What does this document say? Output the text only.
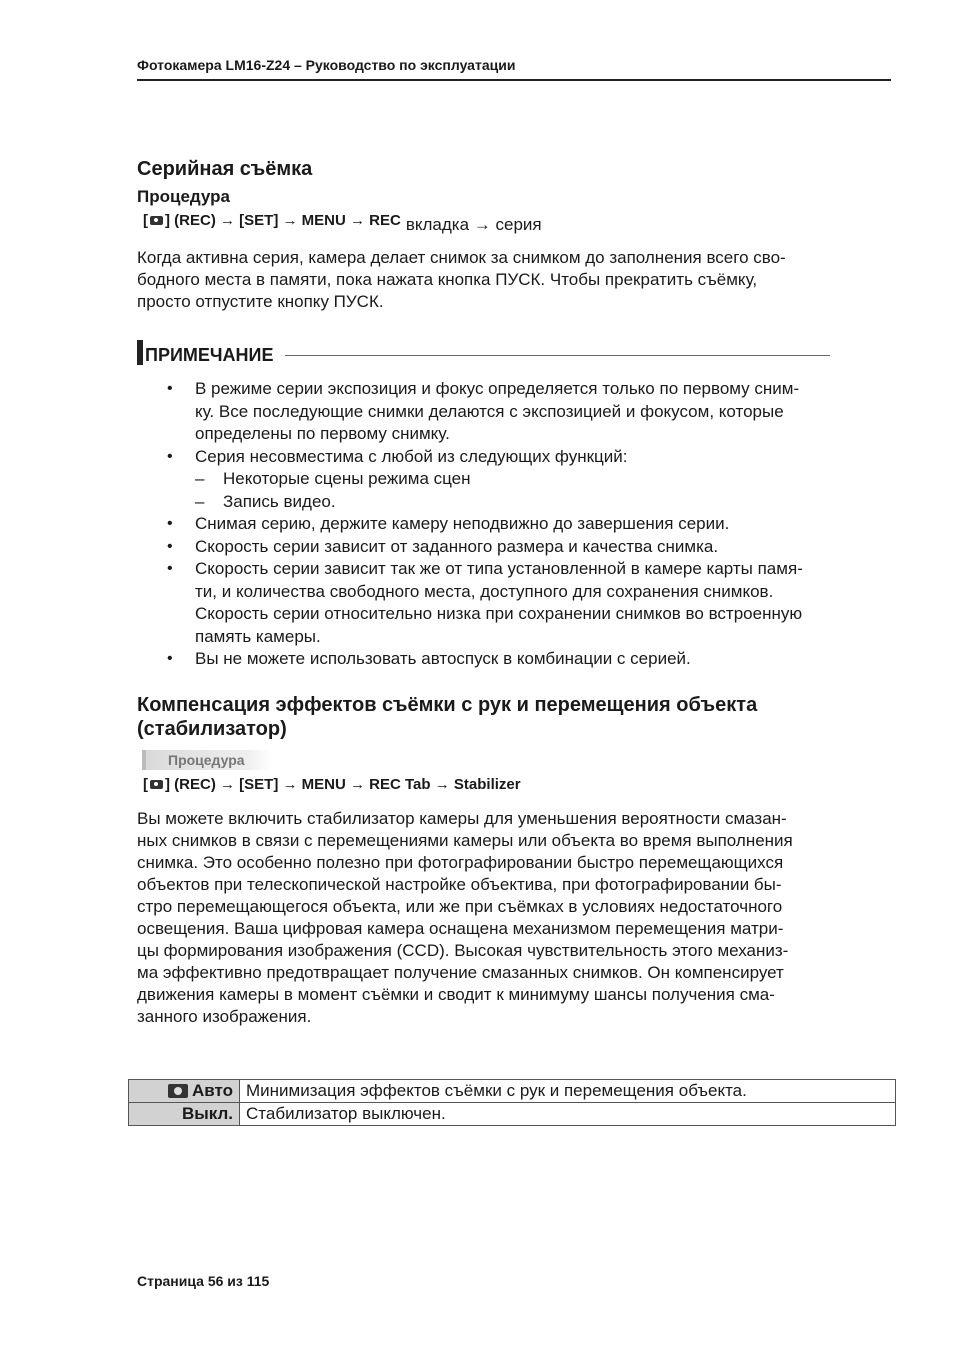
Фотокамера LM16-Z24 – Руководство по эксплуатации
Серийная съёмка
Процедура
[ ] (REC) → [SET] → MENU → REC вкладка → серия
Когда активна серия, камера делает снимок за снимком до заполнения всего сво-
бодного места в памяти, пока нажата кнопка ПУСК. Чтобы прекратить съёмку,
просто отпустите кнопку ПУСК.
ПРИМЕЧАНИЕ
• В режиме серии экспозиция и фокус определяется только по первому сним-
ку. Все последующие снимки делаются с экспозицией и фокусом, которые
определены по первому снимку.
• Серия несовместима с любой из следующих функций:
– Некоторые сцены режима сцен
– Запись видео.
• Снимая серию, держите камеру неподвижно до завершения серии.
• Скорость серии зависит от заданного размера и качества снимка.
• Скорость серии зависит так же от типа установленной в камере карты памя-
ти, и количества свободного места, доступного для сохранения снимков.
Скорость серии относительно низка при сохранении снимков во встроенную
память камеры.
• Вы не можете использовать автоспуск в комбинации с серией.
Компенсация эффектов съёмки с рук и перемещения объекта
(стабилизатор)
Процедура
[ ] (REC) → [SET] → MENU → REC Tab → Stabilizer
Вы можете включить стабилизатор камеры для уменьшения вероятности смазан-
ных снимков в связи с перемещениями камеры или объекта во время выполнения
снимка. Это особенно полезно при фотографировании быстро перемещающихся
объектов при телескопической настройке объектива, при фотографировании бы-
стро перемещающегося объекта, или же при съёмках в условиях недостаточного
освещения. Ваша цифровая камера оснащена механизмом перемещения матри-
цы формирования изображения (CCD). Высокая чувствительность этого механиз-
ма эффективно предотвращает получение смазанных снимков. Он компенсирует
движения камеры в момент съёмки и сводит к минимуму шансы получения сма-
занного изображения.
Авто	Минимизация эффектов съёмки с рук и перемещения объекта.
Выкл.	Стабилизатор выключен.
Страница 56 из 115
